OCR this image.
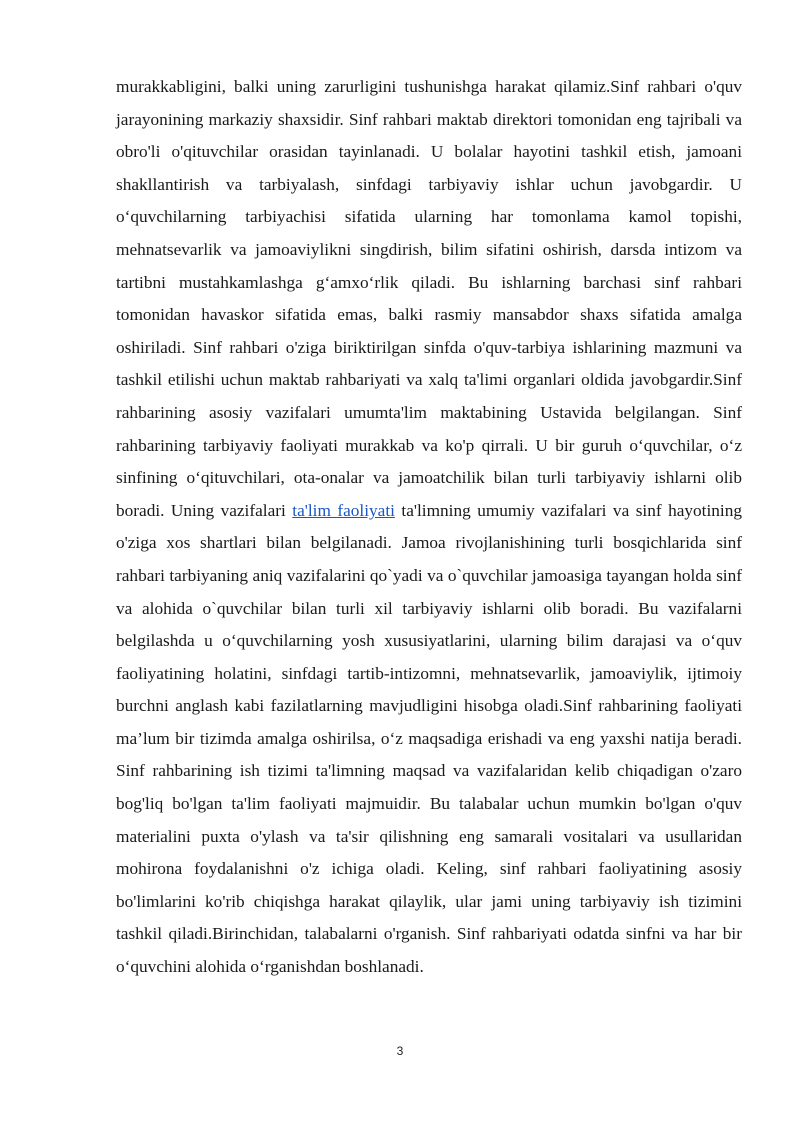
murakkabligini, balki uning zarurligini tushunishga harakat qilamiz.Sinf rahbari o'quv jarayonining markaziy shaxsidir. Sinf rahbari maktab direktori tomonidan eng tajribali va obro'li o'qituvchilar orasidan tayinlanadi. U bolalar hayotini tashkil etish, jamoani shakllantirish va tarbiyalash, sinfdagi tarbiyaviy ishlar uchun javobgardir. U o‘quvchilarning tarbiyachisi sifatida ularning har tomonlama kamol topishi, mehnatsevarlik va jamoaviylikni singdirish, bilim sifatini oshirish, darsda intizom va tartibni mustahkamlashga g‘amxo‘rlik qiladi. Bu ishlarning barchasi sinf rahbari tomonidan havaskor sifatida emas, balki rasmiy mansabdor shaxs sifatida amalga oshiriladi. Sinf rahbari o'ziga biriktirilgan sinfda o'quv-tarbiya ishlarining mazmuni va tashkil etilishi uchun maktab rahbariyati va xalq ta'limi organlari oldida javobgardir.Sinf rahbarining asosiy vazifalari umumta'lim maktabining Ustavida belgilangan. Sinf rahbarining tarbiyaviy faoliyati murakkab va ko'p qirrali. U bir guruh o‘quvchilar, o‘z sinfining o‘qituvchilari, ota-onalar va jamoatchilik bilan turli tarbiyaviy ishlarni olib boradi. Uning vazifalari ta'lim faoliyati ta'limning umumiy vazifalari va sinf hayotining o'ziga xos shartlari bilan belgilanadi. Jamoa rivojlanishining turli bosqichlarida sinf rahbari tarbiyaning aniq vazifalarini qo`yadi va o`quvchilar jamoasiga tayangan holda sinf va alohida o`quvchilar bilan turli xil tarbiyaviy ishlarni olib boradi. Bu vazifalarni belgilashda u o‘quvchilarning yosh xususiyatlarini, ularning bilim darajasi va o‘quv faoliyatining holatini, sinfdagi tartib-intizomni, mehnatsevarlik, jamoaviylik, ijtimoiy burchni anglash kabi fazilatlarning mavjudligini hisobga oladi.Sinf rahbarining faoliyati ma’lum bir tizimda amalga oshirilsa, o‘z maqsadiga erishadi va eng yaxshi natija beradi. Sinf rahbarining ish tizimi ta'limning maqsad va vazifalaridan kelib chiqadigan o'zaro bog'liq bo'lgan ta'lim faoliyati majmuidir. Bu talabalar uchun mumkin bo'lgan o'quv materialini puxta o'ylash va ta'sir qilishning eng samarali vositalari va usullaridan mohirona foydalanishni o'z ichiga oladi. Keling, sinf rahbari faoliyatining asosiy bo'limlarini ko'rib chiqishga harakat qilaylik, ular jami uning tarbiyaviy ish tizimini tashkil qiladi.Birinchidan, talabalarni o'rganish. Sinf rahbariyati odatda sinfni va har bir o‘quvchini alohida o‘rganishdan boshlanadi.

3
